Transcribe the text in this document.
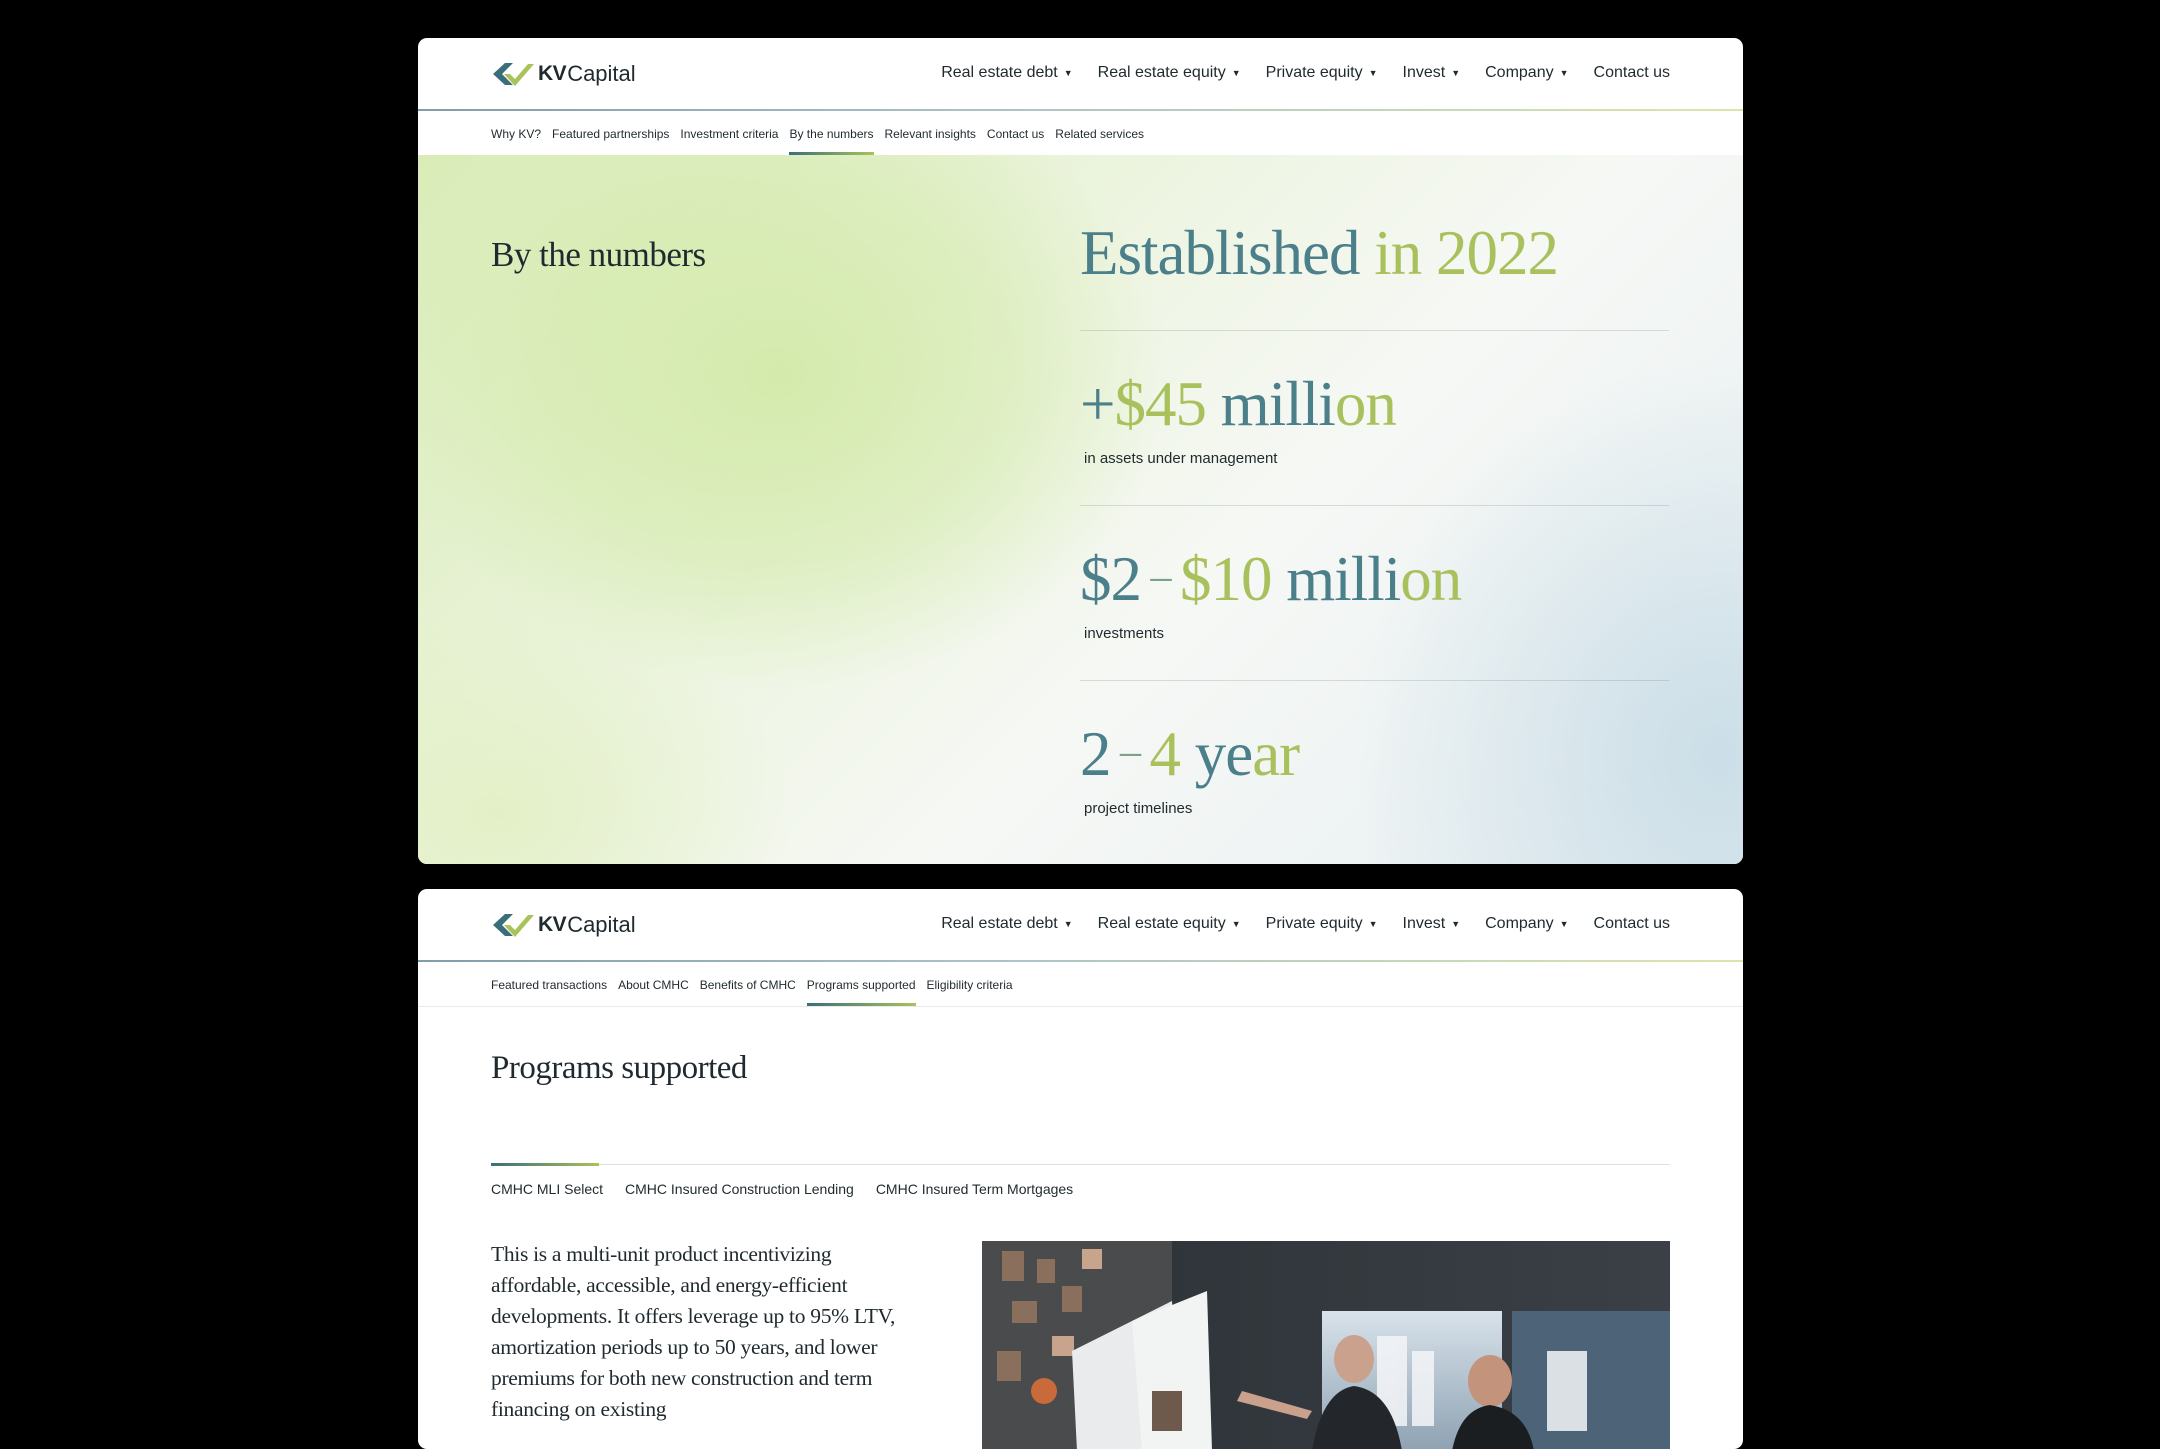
KV Capital	Real estate debt ▼ Real estate equity ▼ Private equity ▼ Invest ▼ Company ▼ Contact us
Why KV? Featured partnerships Investment criteria By the numbers Relevant insights Contact us Related services
By the numbers	Established in 2022
+$45 million
in assets under management
$2 – $10 million
investments
2 – 4 year
project timelines
KV Capital	Real estate debt ▼ Real estate equity ▼ Private equity ▼ Invest ▼ Company ▼ Contact us
Featured transactions About CMHC Benefits of CMHC Programs supported Eligibility criteria
Programs supported
CMHC MLI Select CMHC Insured Construction Lending CMHC Insured Term Mortgages
This is a multi-unit product incentivizing affordable, accessible, and energy-efficient developments. It offers leverage up to 95% LTV, amortization periods up to 50 years, and lower premiums for both new construction and term financing on existing
